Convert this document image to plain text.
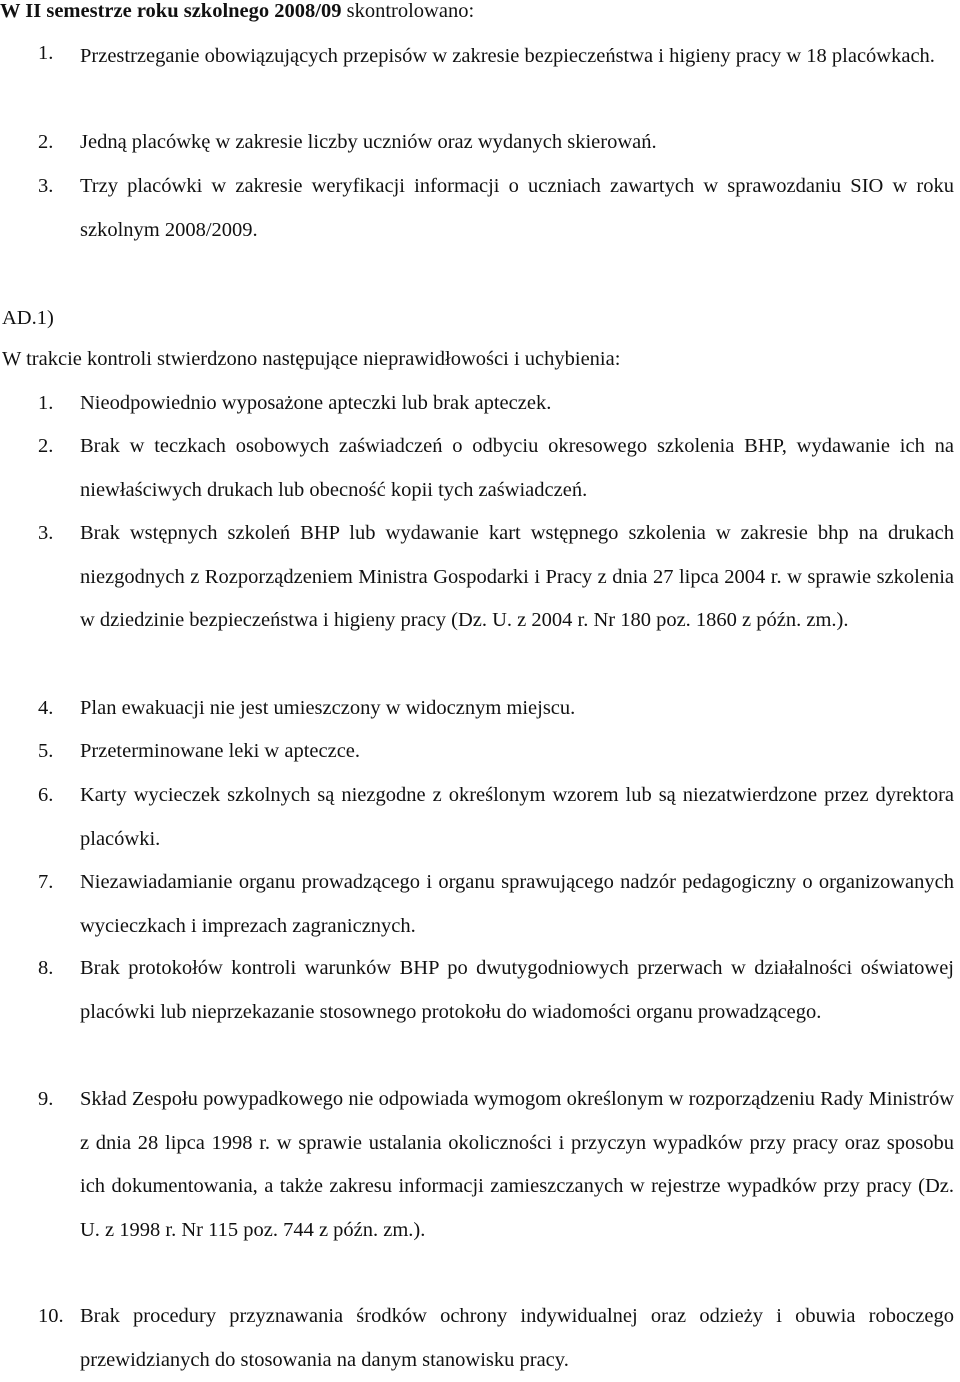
W II semestrze roku szkolnego 2008/09 skontrolowano:
1.	Przestrzeganie obowiązujących przepisów w zakresie bezpieczeństwa i higieny pracy w 18 placówkach.
2.	Jedną placówkę w zakresie liczby uczniów oraz wydanych skierowań.
3.	Trzy placówki w zakresie weryfikacji informacji o uczniach zawartych w sprawozdaniu SIO w roku szkolnym 2008/2009.
AD.1)
W trakcie kontroli stwierdzono następujące nieprawidłowości i uchybienia:
1.	Nieodpowiednio wyposażone apteczki lub brak apteczek.
2.	Brak w teczkach osobowych zaświadczeń o odbyciu okresowego szkolenia BHP, wydawanie ich na niewłaściwych drukach lub obecność kopii tych zaświadczeń.
3.	Brak wstępnych szkoleń BHP lub wydawanie kart wstępnego szkolenia w zakresie bhp na drukach niezgodnych z Rozporządzeniem Ministra Gospodarki i Pracy z dnia 27 lipca 2004 r. w sprawie szkolenia w dziedzinie bezpieczeństwa i higieny pracy (Dz. U. z 2004 r. Nr 180 poz. 1860 z późn. zm.).
4.	Plan ewakuacji nie jest umieszczony w widocznym miejscu.
5.	Przeterminowane leki w apteczce.
6.	Karty wycieczek szkolnych są niezgodne z określonym wzorem lub są niezatwierdzone przez dyrektora placówki.
7.	Niezawiadamianie organu prowadzącego i organu sprawującego nadzór pedagogiczny o organizowanych wycieczkach i imprezach zagranicznych.
8.	Brak protokołów kontroli warunków BHP po dwutygodniowych przerwach w działalności oświatowej placówki lub nieprzekazanie stosownego protokołu do wiadomości organu prowadzącego.
9.	Skład Zespołu powypadkowego nie odpowiada wymogom określonym w rozporządzeniu Rady Ministrów z dnia 28 lipca 1998 r. w sprawie ustalania okoliczności i przyczyn wypadków przy pracy oraz sposobu ich dokumentowania, a także zakresu informacji zamieszczanych w rejestrze wypadków przy pracy (Dz. U. z 1998 r. Nr 115 poz. 744 z późn. zm.).
10. Brak procedury przyznawania środków ochrony indywidualnej oraz odzieży i obuwia roboczego przewidzianych do stosowania na danym stanowisku pracy.
